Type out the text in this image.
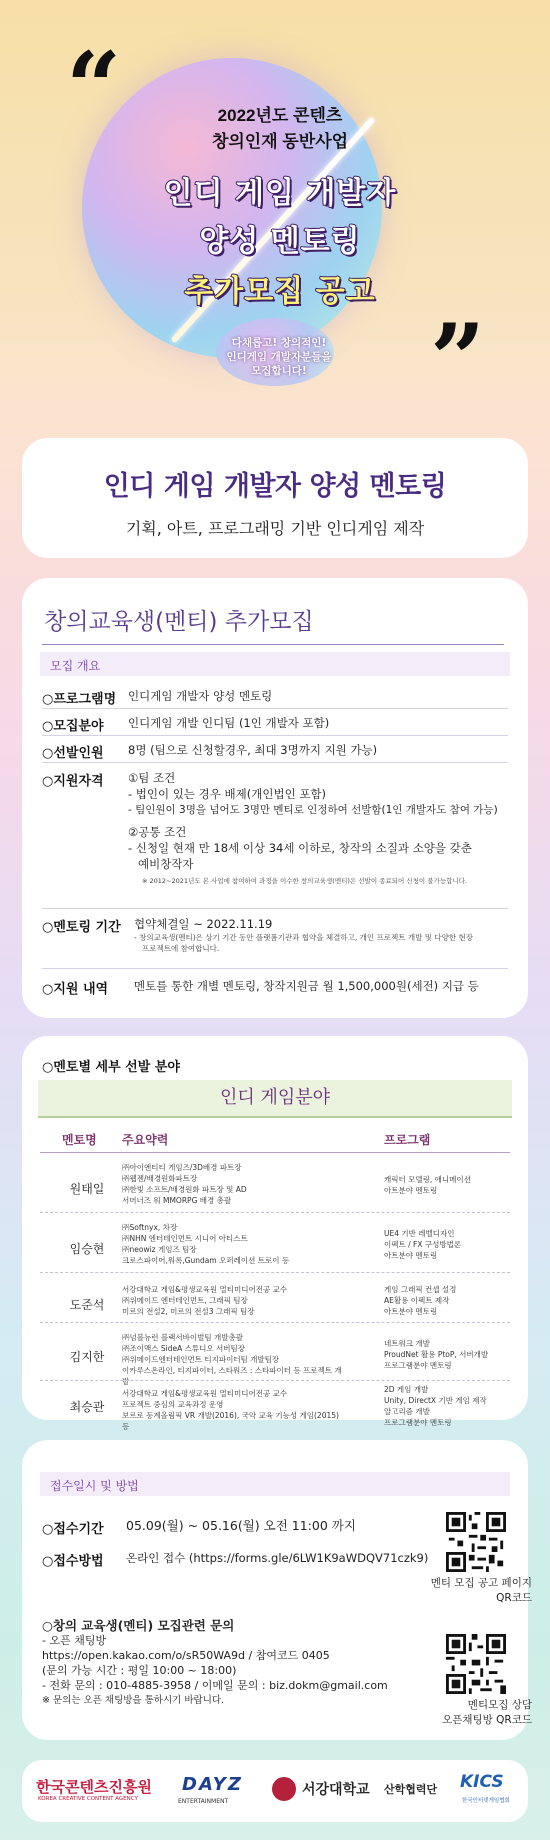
“
”
2022년도 콘텐츠
창의인재 동반사업
인디 게임 개발자
양성 멘토링
추가모집 공고
다채롭고! 창의적인!
인디게임 개발자분들을
모집합니다!
인디 게임 개발자 양성 멘토링
기획, 아트, 프로그래밍 기반 인디게임 제작
창의교육생(멘티) 추가모집
모집 개요
○프로그램명 인디게임 개발자 양성 멘토링
○모집분야 인디게임 개발 인디팀 (1인 개발자 포함)
○선발인원 8명 (팀으로 신청할경우, 최대 3명까지 지원 가능)
○지원자격 ①팀 조건
- 법인이 있는 경우 배제(개인법인 포함)
- 팀인원이 3명을 넘어도 3명만 멘티로 인정하여 선발함(1인 개발자도 참여 가능)
②공통 조건
- 신청일 현재 만 18세 이상 34세 이하로, 창작의 소질과 소양을 갖춘
예비창작자
※ 2012~2021년도 본 사업에 참여하여 과정을 이수한 창의교육생(멘티)은 선발이 종료되어 신청이 불가능합니다.
○멘토링 기간 협약체결일 ~ 2022.11.19
- 창의교육생(멘티)은 상기 기간 동안 플랫폼기관과 협약을 체결하고, 개인 프로젝트 개발 및 다양한 현장
프로젝트에 참여합니다.
○지원 내역 멘토를 통한 개별 멘토링, 창작지원금 월 1,500,000원(세전) 지급 등
○멘토별 세부 선발 분야
인디 게임분야
멘토명 주요약력	프로그램
원태일
㈜아이엔티티 게임즈/3D배경 파트장
㈜웹젠/배경원화파트장
㈜한빛 소프트/배경원화 파트장 및 AD
서머너즈 워 MMORPG 배경 총괄
캐릭터 모델링, 애니메이션
아트분야 멘토링
임승현
㈜Softnyx, 차장
㈜NHN 엔터테인먼트 시니어 아티스트
㈜neowiz 게임즈 팀장
크로스파이어,워록,Gundam 오퍼레이션 트로이 등
UE4 기반 레벨디자인
이펙트 / FX 구성방법론
아트분야 멘토링
도준석
서강대학교 게임&평생교육원 멀티미디어전공 교수
㈜위메이드 엔터테인먼트, 그래픽 팀장
미르의 전설2, 미르의 전설3 그래픽 팀장
게임 그래픽 컨셉 설정
AE활용 이펙트 제작
아트분야 멘토링
김지한
㈜넘블뉴런 블랙서바이벌팀 개발총괄
㈜조이맥스 SideA 스튜디오 서버팀장
㈜위메이드엔터테인먼트 티지파이터팀 개발팀장
이카루스온라인, 티지파이터, 스타워즈 : 스타파이터 등 프로젝트 개발
네트워크 개발
ProudNet 활용 PtoP, 서버개발
프로그램분야 멘토링
최승관
서강대학교 게임&평생교육원 멀티미디어전공 교수
프로젝트 중심의 교육과정 운영
보르로 동계올림픽 VR 개발(2016), 국악 교육 기능성 게임(2015) 등
2D 게임 개발
Unity, DirectX 기반 게임 제작
알고리즘 개발
프로그램분야 멘토링
접수일시 및 방법
○접수기간 05.09(월) ~ 05.16(월) 오전 11:00 까지
○접수방법 온라인 접수 (https://forms.gle/6LW1K9aWDQV71czk9)
멘티 모집 공고 페이지
QR코드
○창의 교육생(멘티) 모집관련 문의
- 오픈 채팅방
https://open.kakao.com/o/sR50WA9d / 참여코드 0405
(문의 가능 시간 : 평일 10:00 ~ 18:00)
- 전화 문의 : 010-4885-3958 / 이메일 문의 : biz.dokm@gmail.com
※ 문의는 오픈 채팅방을 통하시기 바랍니다.	멘티모집 상담
오픈채팅방 QR코드
한국콘텐츠진흥원
KOREA CREATIVE CONTENT AGENCY
DAYZ
ENTERTAINMENT
서강대학교 산학협력단 KICS
한국인터넷게임협회
